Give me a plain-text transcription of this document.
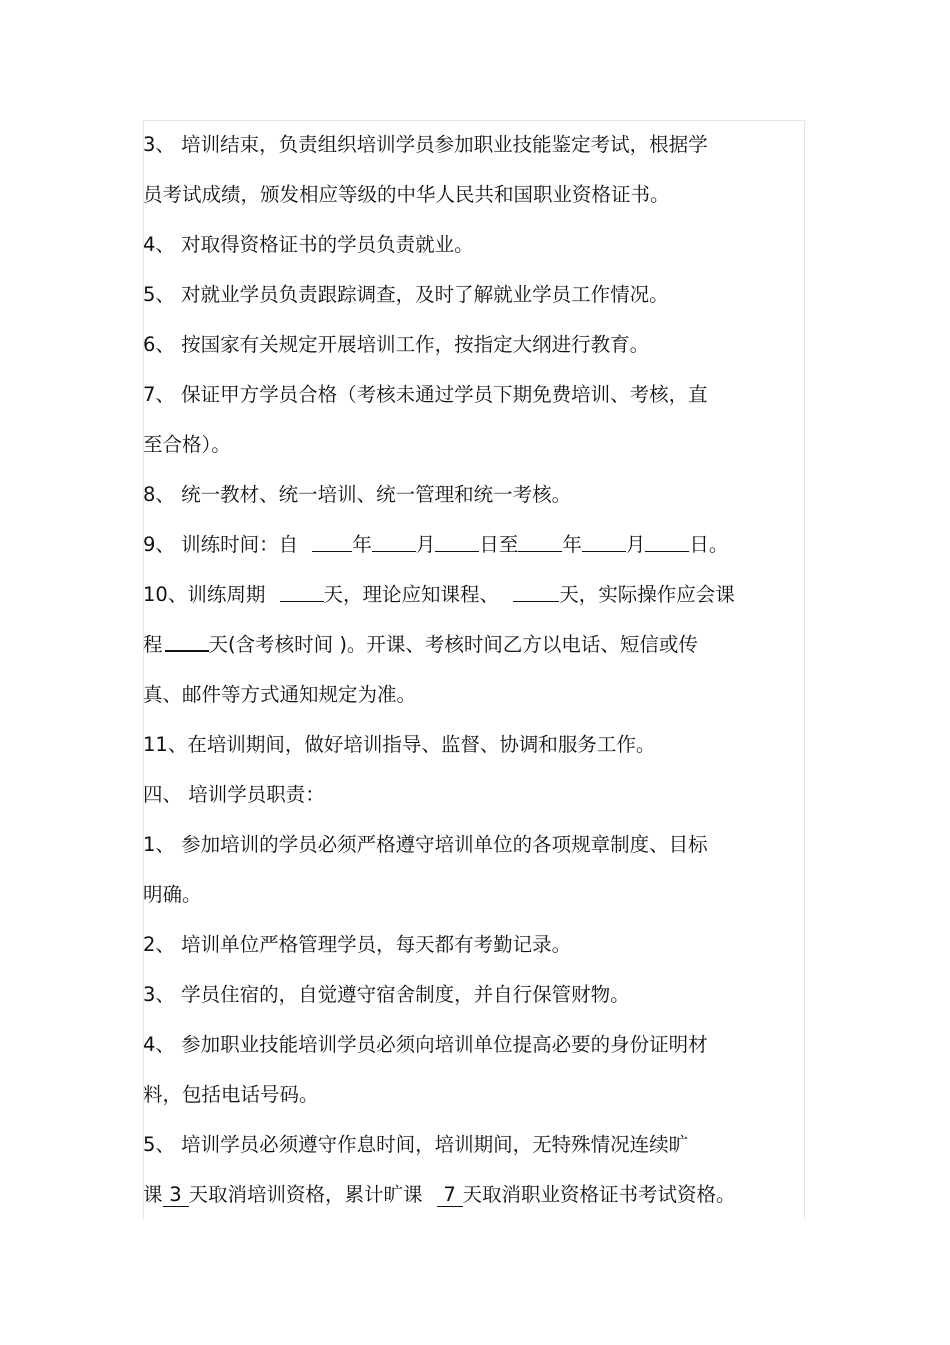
3、 培训结束，负责组织培训学员参加职业技能鉴定考试，根据学
员考试成绩，颁发相应等级的中华人民共和国职业资格证书。
4、 对取得资格证书的学员负责就业。
5、 对就业学员负责跟踪调查，及时了解就业学员工作情况。
6、 按国家有关规定开展培训工作，按指定大纲进行教育。
7、 保证甲方学员合格（考核未通过学员下期免费培训、考核，直
至合格）。
8、 统一教材、统一培训、统一管理和统一考核。
9、 训练时间：自	年 月 日至 年 月 日。
10、训练周期	天，理论应知课程、	天，实际操作应会课
程 天(含考核时间 )。开课、考核时间乙方以电话、短信或传
真、邮件等方式通知规定为准。
11、在培训期间，做好培训指导、监督、协调和服务工作。
四、 培训学员职责：
1、 参加培训的学员必须严格遵守培训单位的各项规章制度、目标
明确。
2、 培训单位严格管理学员，每天都有考勤记录。
3、 学员住宿的，自觉遵守宿舍制度，并自行保管财物。
4、 参加职业技能培训学员必须向培训单位提高必要的身份证明材
料，包括电话号码。
5、 培训学员必须遵守作息时间，培训期间，无特殊情况连续旷
课 3 天取消培训资格，累计旷课 7 天取消职业资格证书考试资格。
